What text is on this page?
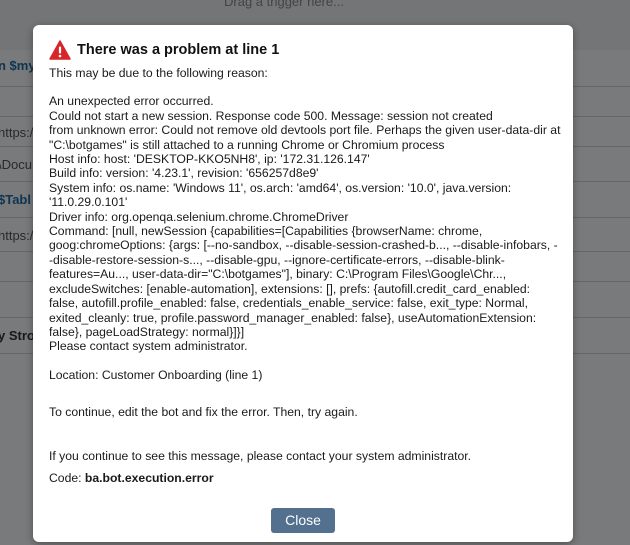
There was a problem at line 1

This may be due to the following reason:

An unexpected error occurred.
Could not start a new session. Response code 500. Message: session not created
from unknown error: Could not remove old devtools port file. Perhaps the given user-data-dir at "C:\botgames" is still attached to a running Chrome or Chromium process
Host info: host: 'DESKTOP-KKO5NH8', ip: '172.31.126.147'
Build info: version: '4.23.1', revision: '656257d8e9'
System info: os.name: 'Windows 11', os.arch: 'amd64', os.version: '10.0', java.version: '11.0.29.0.101'
Driver info: org.openqa.selenium.chrome.ChromeDriver
Command: [null, newSession {capabilities=[Capabilities {browserName: chrome, goog:chromeOptions: {args: [--no-sandbox, --disable-session-crashed-b..., --disable-infobars, --disable-restore-session-s..., --disable-gpu, --ignore-certificate-errors, --disable-blink-features=Au..., user-data-dir="C:\botgames"], binary: C:\Program Files\Google\Chr..., excludeSwitches: [enable-automation], extensions: [], prefs: {autofill.credit_card_enabled: false, autofill.profile_enabled: false, credentials_enable_service: false, exit_type: Normal, exited_cleanly: true, profile.password_manager_enabled: false}, useAutomationExtension: false}, pageLoadStrategy: normal}]}]
Please contact system administrator.

Location: Customer Onboarding (line 1)

To continue, edit the bot and fix the error. Then, try again.

If you continue to see this message, please contact your system administrator.

Code: ba.bot.execution.error

Close
